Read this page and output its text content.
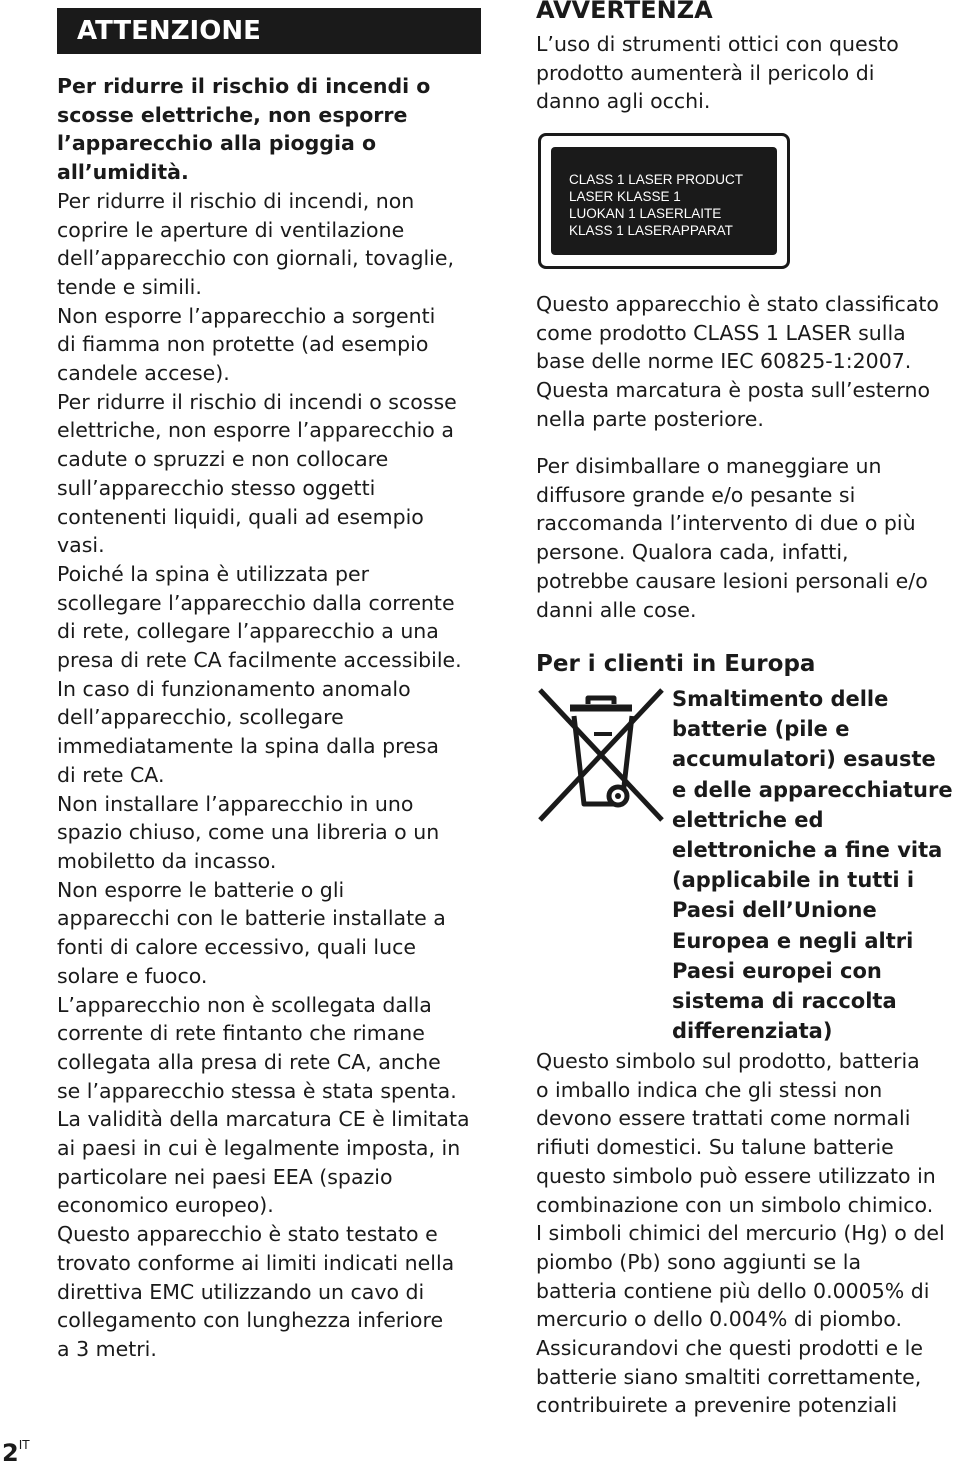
ATTENZIONE
Per ridurre il rischio di incendi o
scosse elettriche, non esporre
l’apparecchio alla pioggia o
all’umidità.
Per ridurre il rischio di incendi, non
coprire le aperture di ventilazione
dell’apparecchio con giornali, tovaglie,
tende e simili.
Non esporre l’apparecchio a sorgenti
di fiamma non protette (ad esempio
candele accese).
Per ridurre il rischio di incendi o scosse
elettriche, non esporre l’apparecchio a
cadute o spruzzi e non collocare
sull’apparecchio stesso oggetti
contenenti liquidi, quali ad esempio
vasi.
Poiché la spina è utilizzata per
scollegare l’apparecchio dalla corrente
di rete, collegare l’apparecchio a una
presa di rete CA facilmente accessibile.
In caso di funzionamento anomalo
dell’apparecchio, scollegare
immediatamente la spina dalla presa
di rete CA.
Non installare l’apparecchio in uno
spazio chiuso, come una libreria o un
mobiletto da incasso.
Non esporre le batterie o gli
apparecchi con le batterie installate a
fonti di calore eccessivo, quali luce
solare e fuoco.
L’apparecchio non è scollegata dalla
corrente di rete fintanto che rimane
collegata alla presa di rete CA, anche
se l’apparecchio stessa è stata spenta.
La validità della marcatura CE è limitata
ai paesi in cui è legalmente imposta, in
particolare nei paesi EEA (spazio
economico europeo).
Questo apparecchio è stato testato e
trovato conforme ai limiti indicati nella
direttiva EMC utilizzando un cavo di
collegamento con lunghezza inferiore
a 3 metri.
AVVERTENZA
L’uso di strumenti ottici con questo
prodotto aumenterà il pericolo di
danno agli occhi.
CLASS 1 LASER PRODUCT
LASER KLASSE 1
LUOKAN 1 LASERLAITE
KLASS 1 LASERAPPARAT
Questo apparecchio è stato classificato
come prodotto CLASS 1 LASER sulla
base delle norme IEC 60825-1:2007.
Questa marcatura è posta sull’esterno
nella parte posteriore.
Per disimballare o maneggiare un
diffusore grande e/o pesante si
raccomanda l’intervento di due o più
persone. Qualora cada, infatti,
potrebbe causare lesioni personali e/o
danni alle cose.
Per i clienti in Europa
Smaltimento delle
batterie (pile e
accumulatori) esauste
e delle apparecchiature
elettriche ed
elettroniche a fine vita
(applicabile in tutti i
Paesi dell’Unione
Europea e negli altri
Paesi europei con
sistema di raccolta
differenziata)
Questo simbolo sul prodotto, batteria
o imballo indica che gli stessi non
devono essere trattati come normali
rifiuti domestici. Su talune batterie
questo simbolo può essere utilizzato in
combinazione con un simbolo chimico.
I simboli chimici del mercurio (Hg) o del
piombo (Pb) sono aggiunti se la
batteria contiene più dello 0.0005% di
mercurio o dello 0.004% di piombo.
Assicurandovi che questi prodotti e le
batterie siano smaltiti correttamente,
contribuirete a prevenire potenziali
$2^{IT}$
